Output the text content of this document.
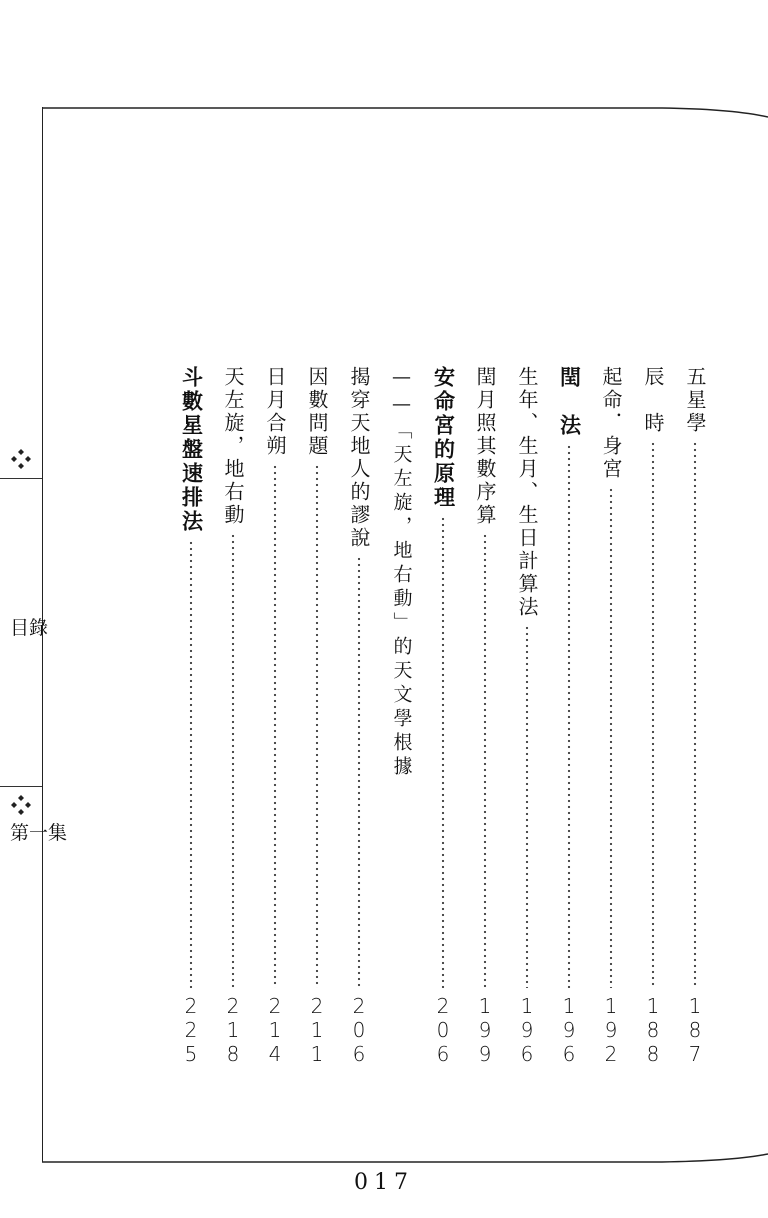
目錄
第一集
五星學
187
辰　時
188
起命．身宮
192
閏　法
196
生年、生月、生日計算法
196
閏月照其數序算
199
安命宮的原理
206
——「天左旋，地右動」的天文學根據
揭穿天地人的謬說
206
因數問題
211
日月合朔
214
天左旋，地右動
218
斗數星盤速排法
225
017
